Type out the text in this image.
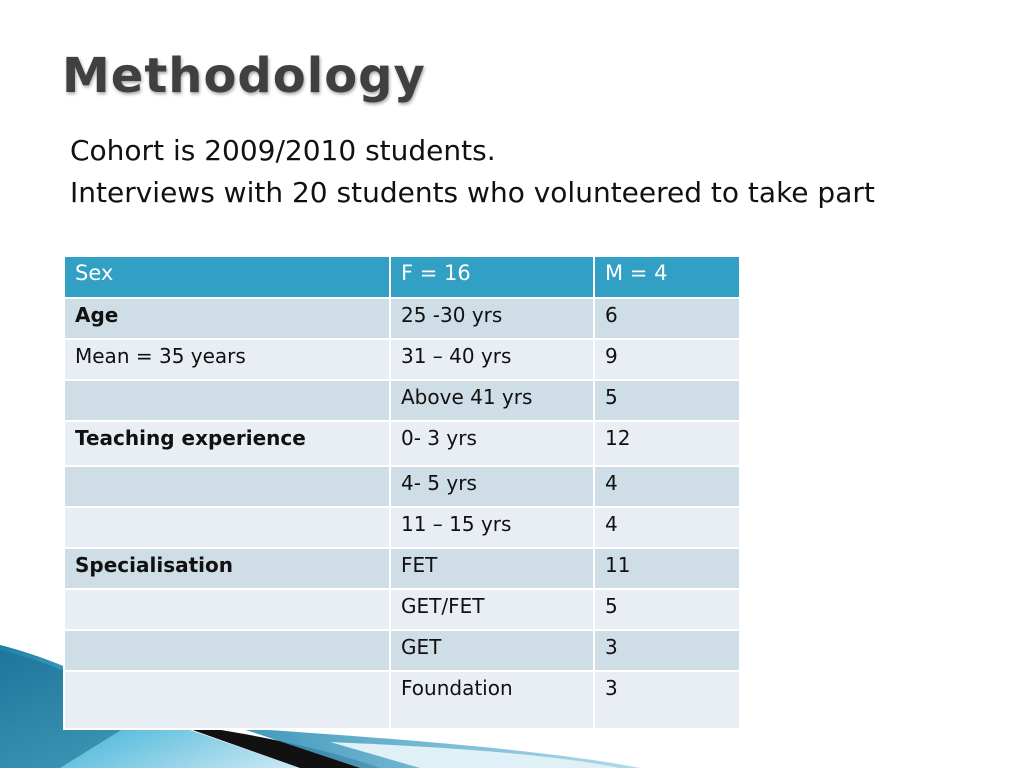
Methodology
Cohort is 2009/2010 students.
Interviews with 20 students who volunteered to take part
Sex	F = 16	M = 4
Age	25 -30 yrs	6
Mean = 35 years	31 – 40 yrs	9
	Above 41 yrs	5
Teaching experience	0- 3 yrs	12
	4- 5 yrs	4
	11 – 15 yrs	4
Specialisation	FET	11
	GET/FET	5
	GET	3
	Foundation	3
